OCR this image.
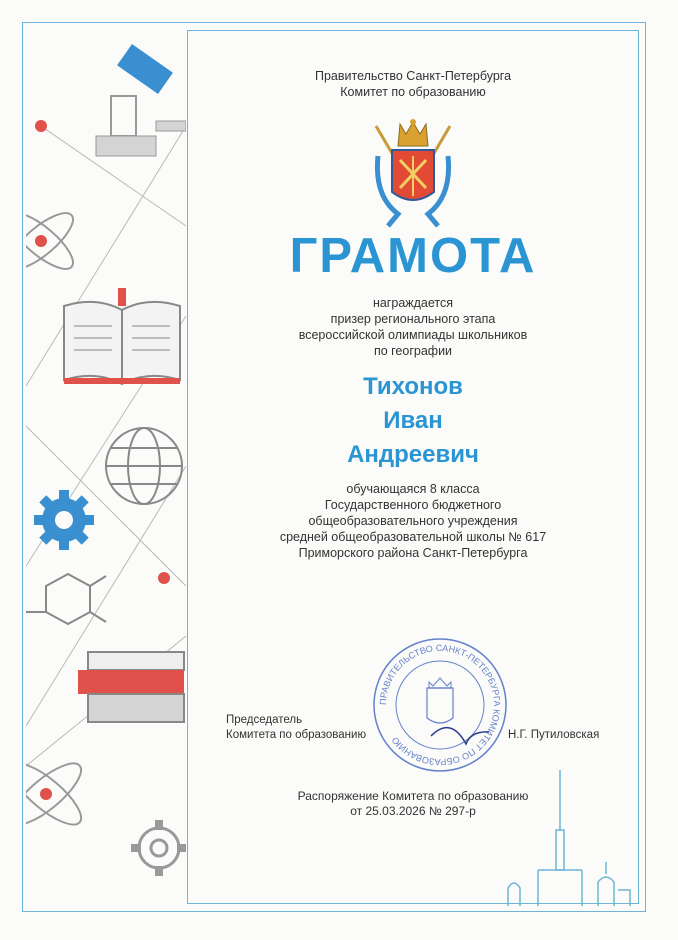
Правительство Санкт-Петербурга
Комитет по образованию
ГРАМОТА
награждается
призер регионального этапа
всероссийской олимпиады школьников
по географии
Тихонов
Иван
Андреевич
обучающаяся 8 класса
Государственного бюджетного
общеобразовательного учреждения
средней общеобразовательной школы № 617
Приморского района Санкт-Петербурга
ПРАВИТЕЛЬСТВО САНКТ-ПЕТЕРБУРГА КОМИТЕТ ПО ОБРАЗОВАНИЮ
Председатель
Комитета по образованию	Н.Г. Путиловская
Распоряжение Комитета по образованию
от 25.03.2026 № 297-р
